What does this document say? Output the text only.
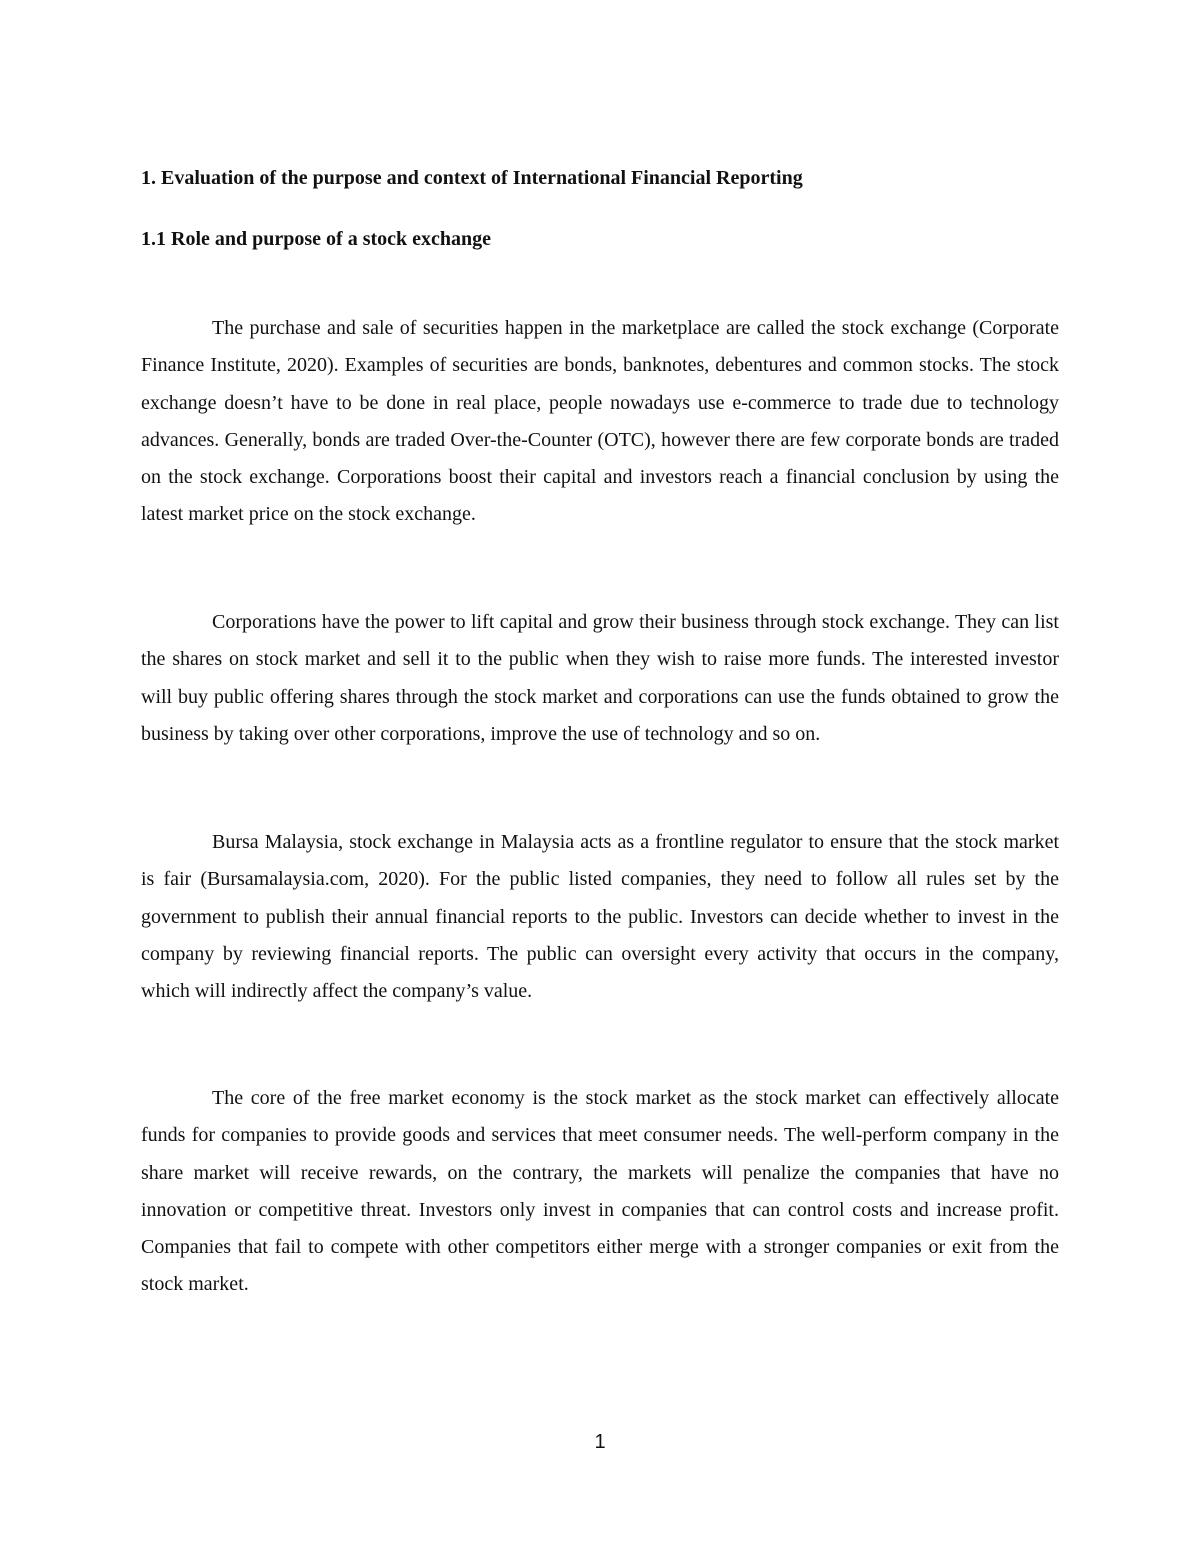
1. Evaluation of the purpose and context of International Financial Reporting
1.1 Role and purpose of a stock exchange

The purchase and sale of securities happen in the marketplace are called the stock exchange (Corporate Finance Institute, 2020). Examples of securities are bonds, banknotes, debentures and common stocks. The stock exchange doesn’t have to be done in real place, people nowadays use e-commerce to trade due to technology advances. Generally, bonds are traded Over-the-Counter (OTC), however there are few corporate bonds are traded on the stock exchange. Corporations boost their capital and investors reach a financial conclusion by using the latest market price on the stock exchange.

Corporations have the power to lift capital and grow their business through stock exchange. They can list the shares on stock market and sell it to the public when they wish to raise more funds. The interested investor will buy public offering shares through the stock market and corporations can use the funds obtained to grow the business by taking over other corporations, improve the use of technology and so on.

Bursa Malaysia, stock exchange in Malaysia acts as a frontline regulator to ensure that the stock market is fair (Bursamalaysia.com, 2020). For the public listed companies, they need to follow all rules set by the government to publish their annual financial reports to the public. Investors can decide whether to invest in the company by reviewing financial reports. The public can oversight every activity that occurs in the company, which will indirectly affect the company’s value.

The core of the free market economy is the stock market as the stock market can effectively allocate funds for companies to provide goods and services that meet consumer needs. The well-perform company in the share market will receive rewards, on the contrary, the markets will penalize the companies that have no innovation or competitive threat. Investors only invest in companies that can control costs and increase profit. Companies that fail to compete with other competitors either merge with a stronger companies or exit from the stock market.

1
